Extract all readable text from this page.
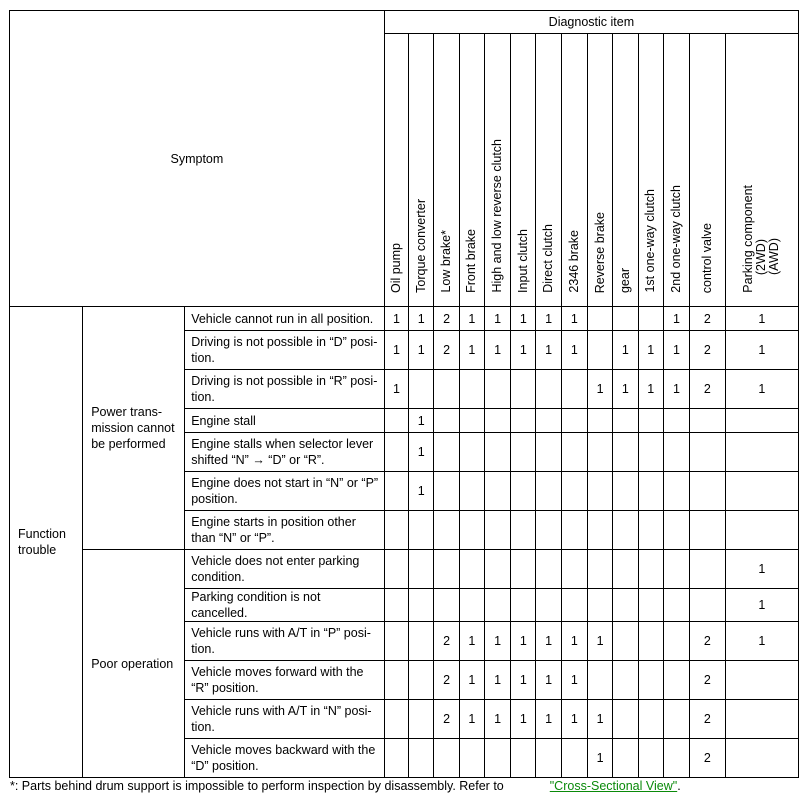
Symptom			Diagnostic item													
			Oil pump	Torque converter	Low brake*	Front brake	High and low reverse clutch	Input clutch	Direct clutch	2346 brake	Reverse brake	gear	1st one-way clutch	2nd one-way clutch	control valve	Parking component(2WD)(AWD)
Function trouble	Power trans- mission cannot be performed	Vehicle cannot run in all position.	1	1	2	1	1	1	1	1				1	2	1
		Driving is not possible in “D” posi- tion.	1	1	2	1	1	1	1	1		1	1	1	2	1
		Driving is not possible in “R” posi- tion.	1								1	1	1	1	2	1
		Engine stall		1												
		Engine stalls when selector lever shifted “N” → “D” or “R”.		1												
		Engine does not start in “N” or “P” position.		1												
		Engine starts in position other than “N” or “P”.														
	Poor operation	Vehicle does not enter parking condition.														1
		Parking condition is not cancelled.														1
		Vehicle runs with A/T in “P” posi- tion.			2	1	1	1	1	1	1				2	1
		Vehicle moves forward with the “R” position.			2	1	1	1	1	1					2	
		Vehicle runs with A/T in “N” posi- tion.			2	1	1	1	1	1	1				2	
		Vehicle moves backward with the “D” position.									1				2	
*: Parts behind drum support is impossible to perform inspection by disassembly. Refer to	"Cross-Sectional View".
